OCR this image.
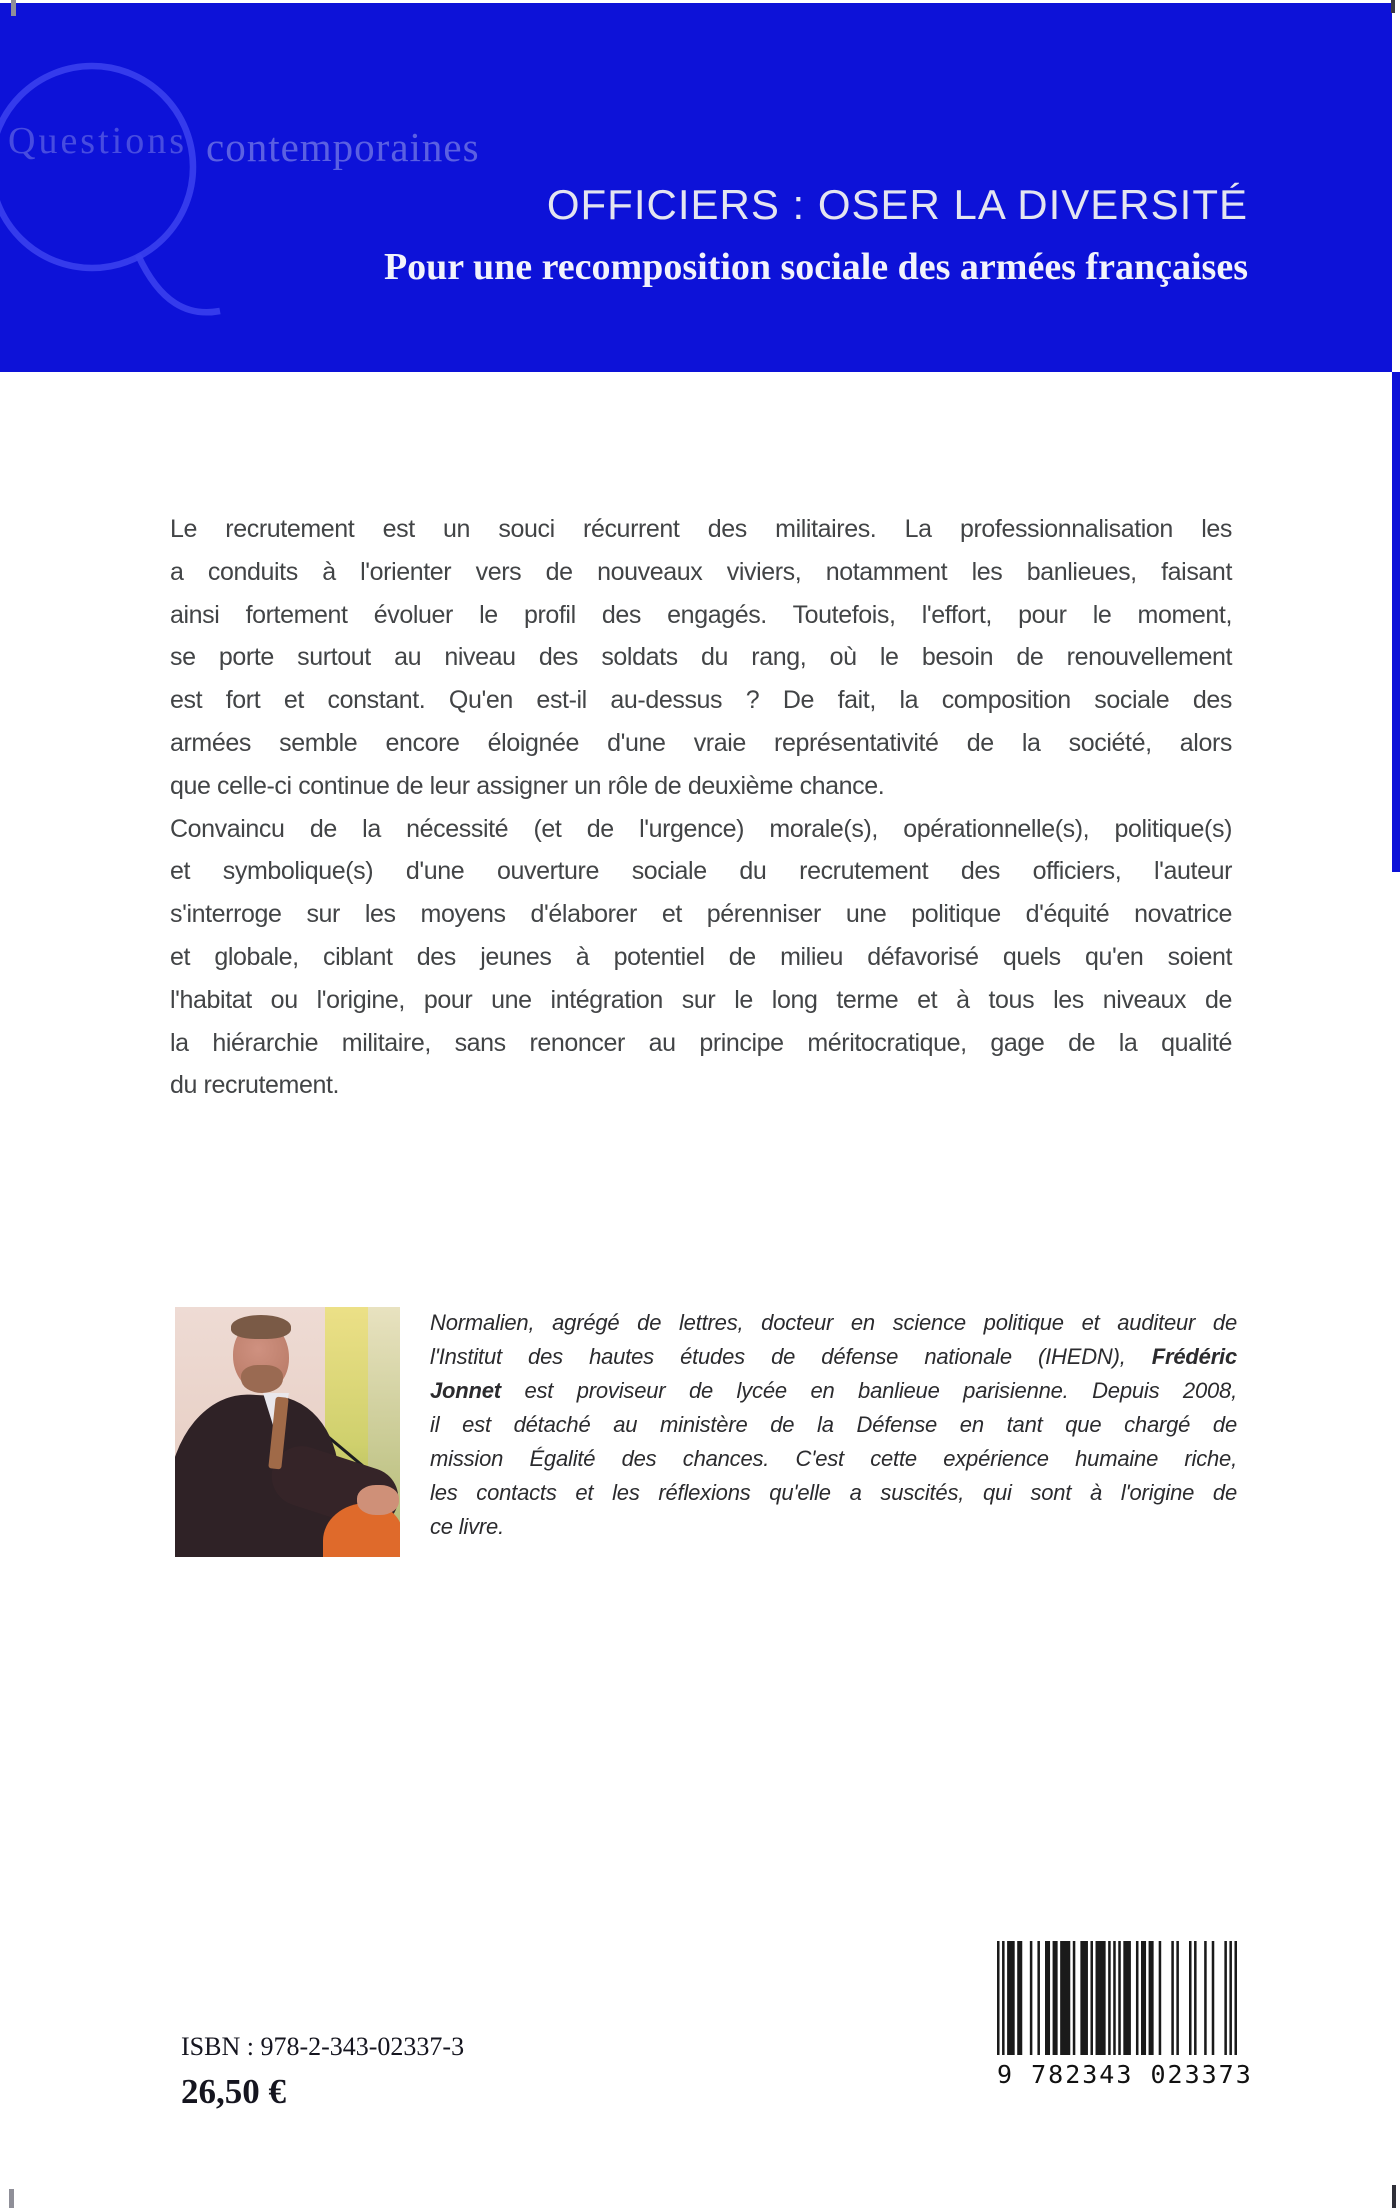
Questions contemporaines
OFFICIERS : OSER LA DIVERSITÉ
Pour une recomposition sociale des armées françaises
Le recrutement est un souci récurrent des militaires. La professionnalisation les
a conduits à l'orienter vers de nouveaux viviers, notamment les banlieues, faisant
ainsi fortement évoluer le profil des engagés. Toutefois, l'effort, pour le moment,
se porte surtout au niveau des soldats du rang, où le besoin de renouvellement
est fort et constant. Qu'en est-il au-dessus ? De fait, la composition sociale des
armées semble encore éloignée d'une vraie représentativité de la société, alors
que celle-ci continue de leur assigner un rôle de deuxième chance.
Convaincu de la nécessité (et de l'urgence) morale(s), opérationnelle(s), politique(s)
et symbolique(s) d'une ouverture sociale du recrutement des officiers, l'auteur
s'interroge sur les moyens d'élaborer et pérenniser une politique d'équité novatrice
et globale, ciblant des jeunes à potentiel de milieu défavorisé quels qu'en soient
l'habitat ou l'origine, pour une intégration sur le long terme et à tous les niveaux de
la hiérarchie militaire, sans renoncer au principe méritocratique, gage de la qualité
du recrutement.
Normalien, agrégé de lettres, docteur en science politique et auditeur de
l'Institut des hautes études de défense nationale (IHEDN), Frédéric
Jonnet est proviseur de lycée en banlieue parisienne. Depuis 2008,
il est détaché au ministère de la Défense en tant que chargé de
mission Égalité des chances. C'est cette expérience humaine riche,
les contacts et les réflexions qu'elle a suscités, qui sont à l'origine de
ce livre.
ISBN : 978-2-343-02337-3
26,50 €	9 782343 023373
